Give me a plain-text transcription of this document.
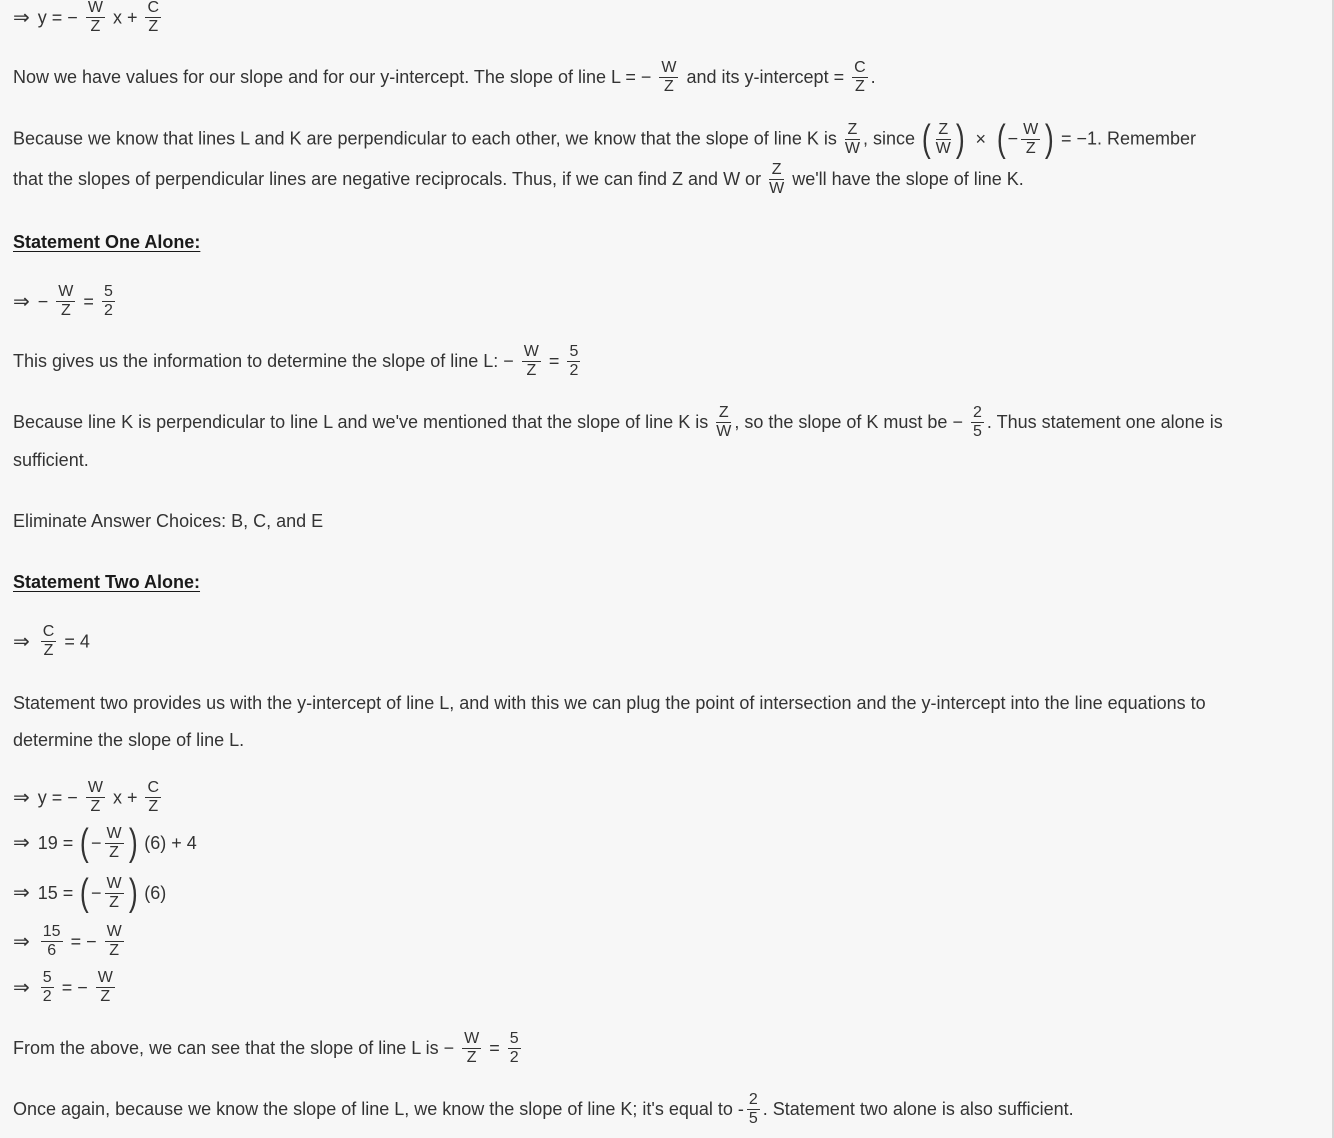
⇒ y = − $\frac{W}{Z}$ $x + \frac{C}{Z}$
Now we have values for our slope and for our y-intercept. The slope of line L = − $\frac{W}{Z}$ and its y-intercept = $\frac{C}{Z}$ .
Because we know that lines L and K are perpendicular to each other, we know that the slope of line K is $\frac{Z}{W}$ , since ( $\frac{Z}{W}$ ) × ( − $\frac{W}{Z}$ ) = −1. Remember
that the slopes of perpendicular lines are negative reciprocals. Thus, if we can find Z and W or $\frac{Z}{W} we'll$ have the slope of line K.
Statement One Alone:
⇒ − $\frac{W}{Z} = \frac{5}{2}$
This gives us the information to determine the slope of line L: − $\frac{W}{Z} = \frac{5}{2}$
Because line K is perpendicular to line L and we've mentioned that the slope of line K is $\frac{Z}{W}$ , so the slope of K must be − $\frac{2}{5}$ . Thus statement one alone is
sufficient.
Eliminate Answer Choices: B, C, and E
Statement Two Alone:
⇒ $\frac{C}{Z} = 4$
Statement two provides us with the y-intercept of line L, and with this we can plug the point of intersection and the y-intercept into the line equations to
determine the slope of line L.
⇒ y = − $\frac{W}{Z}$ $x + \frac{C}{Z}$
⇒ 19 = ( − $\frac{W}{Z}$ ) (6) + 4
⇒ 15 = ( − $\frac{W}{Z}$ ) (6)
⇒ $\frac{15}{6}$ = − $\frac{W}{Z}$
⇒ $\frac{5}{2}$ = − $\frac{W}{Z}$
From the above, we can see that the slope of line L is − $\frac{W}{Z} = \frac{5}{2}$
Once again, because we know the slope of line L, we know the slope of line K; it's equal to - $\frac{2}{5}$ . Statement two alone is also sufficient.
